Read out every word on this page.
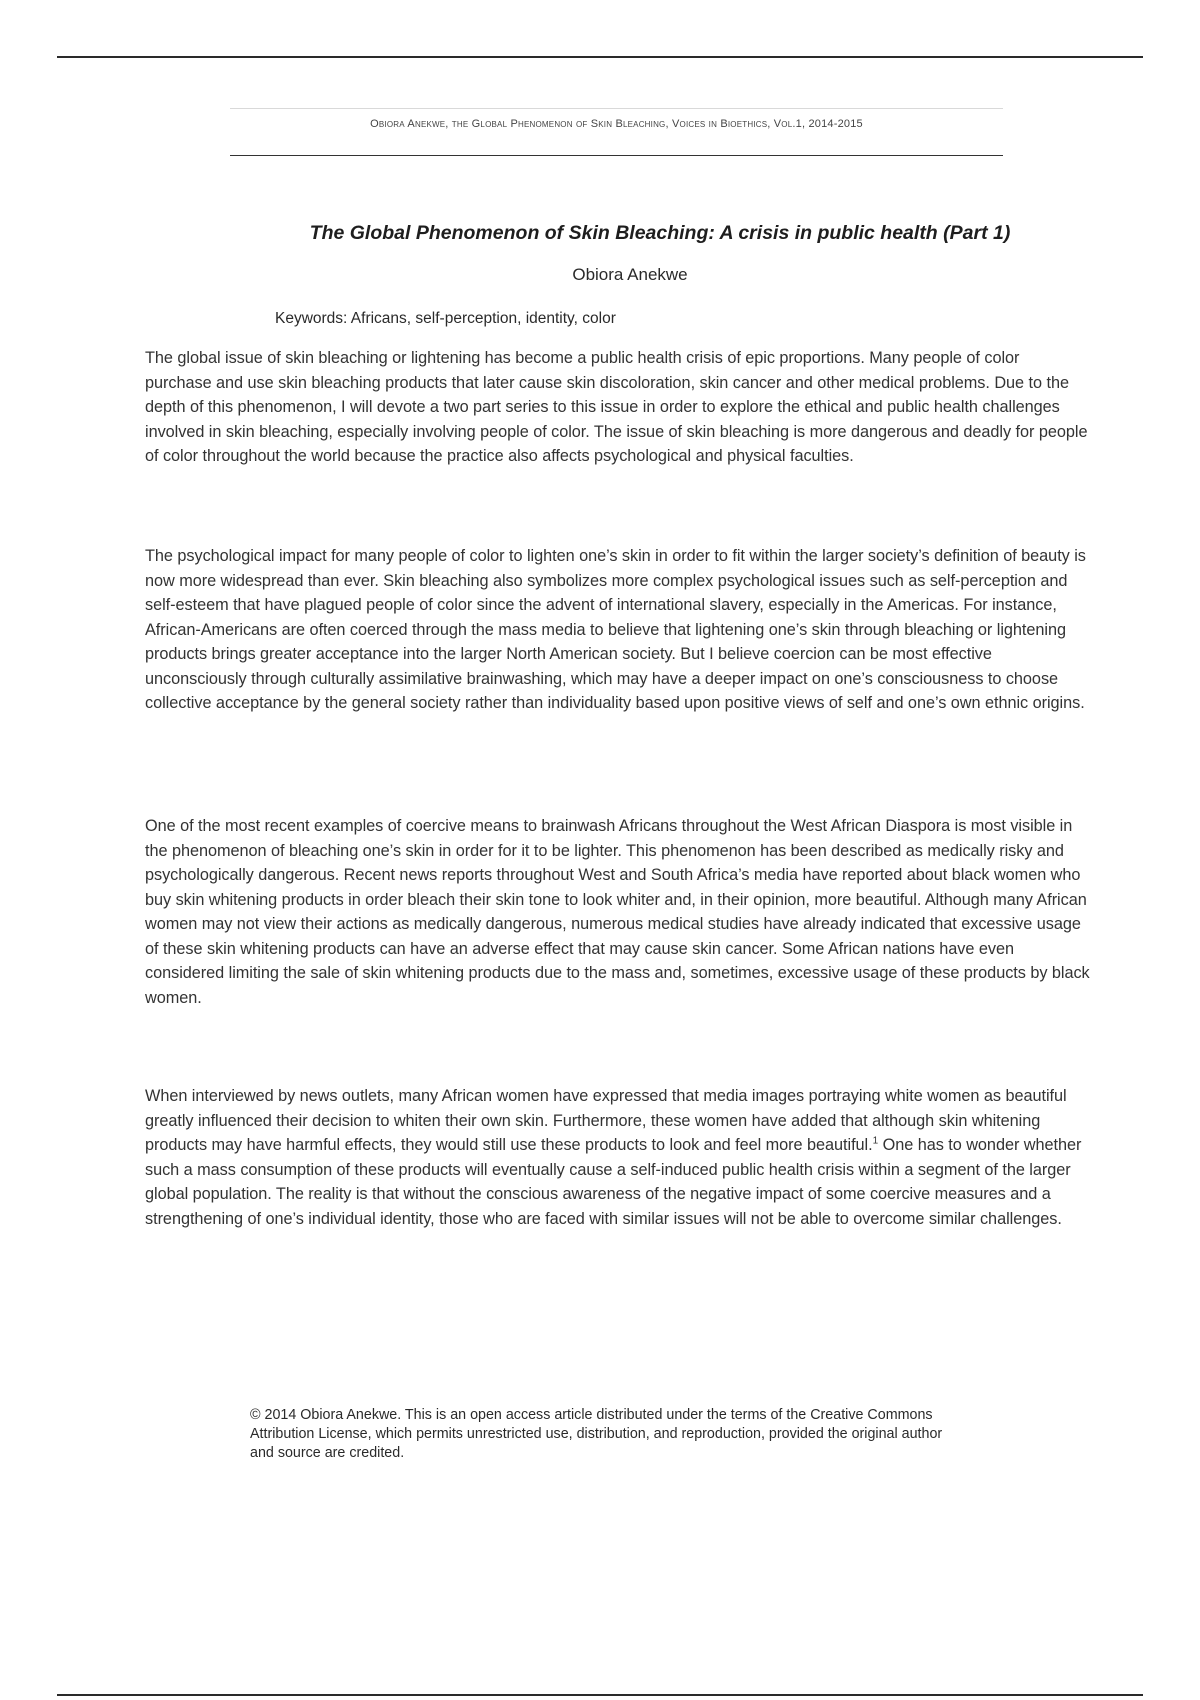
Obiora Anekwe, the Global Phenomenon of Skin Bleaching, Voices in Bioethics, Vol.1, 2014-2015
The Global Phenomenon of Skin Bleaching: A crisis in public health (Part 1)
Obiora Anekwe
Keywords: Africans, self-perception, identity, color

The global issue of skin bleaching or lightening has become a public health crisis of epic proportions. Many people of color purchase and use skin bleaching products that later cause skin discoloration, skin cancer and other medical problems. Due to the depth of this phenomenon, I will devote a two part series to this issue in order to explore the ethical and public health challenges involved in skin bleaching, especially involving people of color. The issue of skin bleaching is more dangerous and deadly for people of color throughout the world because the practice also affects psychological and physical faculties.

The psychological impact for many people of color to lighten one’s skin in order to fit within the larger society’s definition of beauty is now more widespread than ever. Skin bleaching also symbolizes more complex psychological issues such as self-perception and self-esteem that have plagued people of color since the advent of international slavery, especially in the Americas. For instance, African-Americans are often coerced through the mass media to believe that lightening one’s skin through bleaching or lightening products brings greater acceptance into the larger North American society. But I believe coercion can be most effective unconsciously through culturally assimilative brainwashing, which may have a deeper impact on one’s consciousness to choose collective acceptance by the general society rather than individuality based upon positive views of self and one’s own ethnic origins.

One of the most recent examples of coercive means to brainwash Africans throughout the West African Diaspora is most visible in the phenomenon of bleaching one’s skin in order for it to be lighter. This phenomenon has been described as medically risky and psychologically dangerous. Recent news reports throughout West and South Africa’s media have reported about black women who buy skin whitening products in order bleach their skin tone to look whiter and, in their opinion, more beautiful. Although many African women may not view their actions as medically dangerous, numerous medical studies have already indicated that excessive usage of these skin whitening products can have an adverse effect that may cause skin cancer. Some African nations have even considered limiting the sale of skin whitening products due to the mass and, sometimes, excessive usage of these products by black women.

When interviewed by news outlets, many African women have expressed that media images portraying white women as beautiful greatly influenced their decision to whiten their own skin. Furthermore, these women have added that although skin whitening products may have harmful effects, they would still use these products to look and feel more beautiful.$^1$ One has to wonder whether such a mass consumption of these products will eventually cause a self-induced public health crisis within a segment of the larger global population. The reality is that without the conscious awareness of the negative impact of some coercive measures and a strengthening of one’s individual identity, those who are faced with similar issues will not be able to overcome similar challenges.

© 2014 Obiora Anekwe. This is an open access article distributed under the terms of the Creative Commons Attribution License, which permits unrestricted use, distribution, and reproduction, provided the original author and source are credited.
